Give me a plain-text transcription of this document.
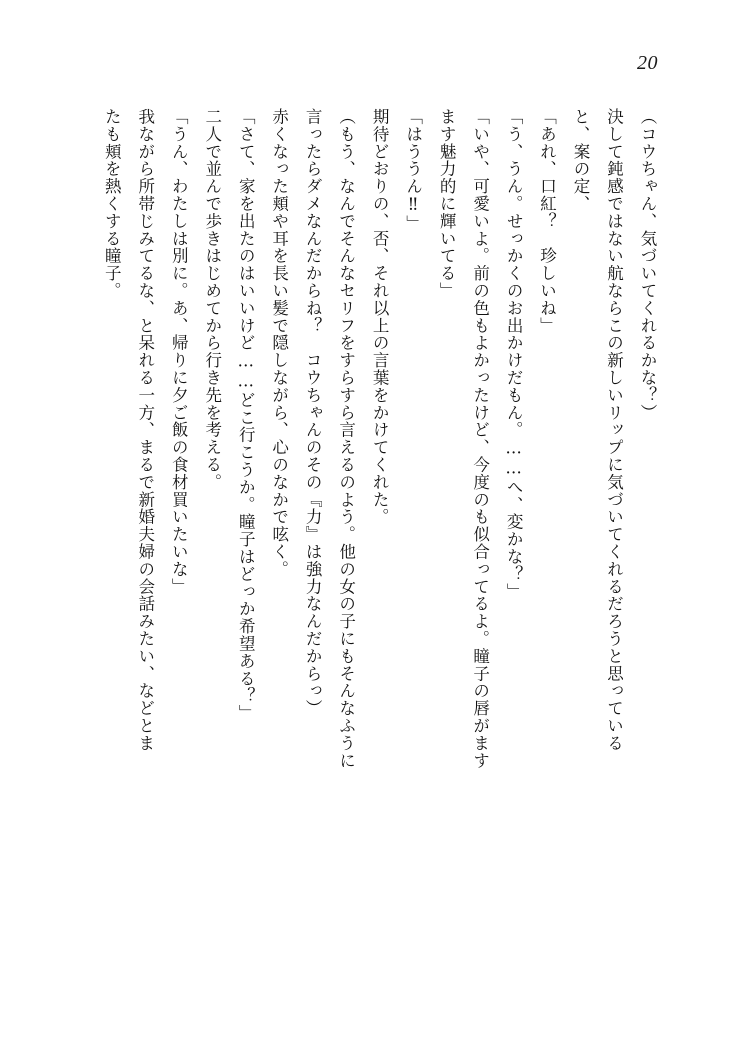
20

（コウちゃん、気づいてくれるかな？）

決して鈍感ではない航ならこの新しいリップに気づいてくれるだろうと思っている

と、案の定、

「あれ、口紅？　珍しいね」

「う、うん。せっかくのお出かけだもん。……へ、変かな？」

「いや、可愛いよ。前の色もよかったけど、今度のも似合ってるよ。瞳子の唇がます

ます魅力的に輝いてる」

「はううん‼」

期待どおりの、否、それ以上の言葉をかけてくれた。

（もう、なんでそんなセリフをすらすら言えるのよう。他の女の子にもそんなふうに

言ったらダメなんだからね？　コウちゃんのその『力』は強力なんだからっ）

赤くなった頬や耳を長い髪で隠しながら、心のなかで呟く。

「さて、家を出たのはいいけど……どこ行こうか。瞳子はどっか希望ある？」

二人で並んで歩きはじめてから行き先を考える。

「うん、わたしは別に。あ、帰りに夕ご飯の食材買いたいな」

我ながら所帯じみてるな、と呆れる一方、まるで新婚夫婦の会話みたい、などとま

たも頬を熱くする瞳子。
